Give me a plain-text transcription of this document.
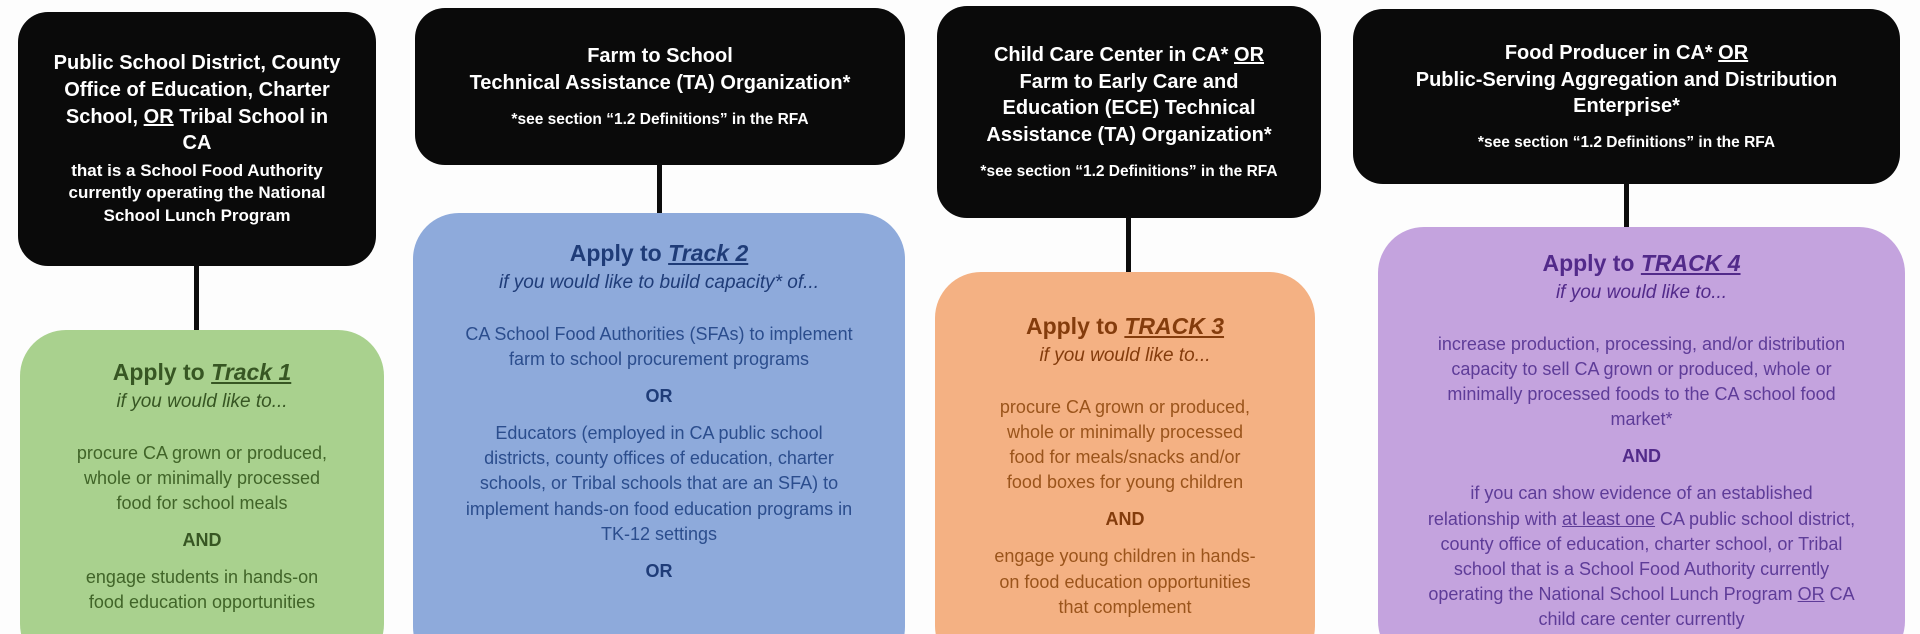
Public School District, County Office of Education, Charter School, OR Tribal School in CA
that is a School Food Authority currently operating the National School Lunch Program
Apply to Track 1
if you would like to...

procure CA grown or produced, whole or minimally processed food for school meals

AND

engage students in hands-on food education opportunities

Farm to School
Technical Assistance (TA) Organization*
*see section “1.2 Definitions” in the RFA
Apply to Track 2
if you would like to build capacity* of...

CA School Food Authorities (SFAs) to implement farm to school procurement programs

OR

Educators (employed in CA public school districts, county offices of education, charter schools, or Tribal schools that are an SFA) to implement hands-on food education programs in TK-12 settings

OR

Child Care Center in CA* OR Farm to Early Care and Education (ECE) Technical Assistance (TA) Organization*
*see section “1.2 Definitions” in the RFA
Apply to TRACK 3
if you would like to...

procure CA grown or produced, whole or minimally processed food for meals/snacks and/or food boxes for young children

AND

engage young children in hands-on food education opportunities that complement

Food Producer in CA* OR
Public-Serving Aggregation and Distribution Enterprise*
*see section “1.2 Definitions” in the RFA
Apply to TRACK 4
if you would like to...

increase production, processing, and/or distribution capacity to sell CA grown or produced, whole or minimally processed foods to the CA school food market*

AND

if you can show evidence of an established relationship with at least one CA public school district, county office of education, charter school, or Tribal school that is a School Food Authority currently operating the National School Lunch Program OR CA child care center currently
